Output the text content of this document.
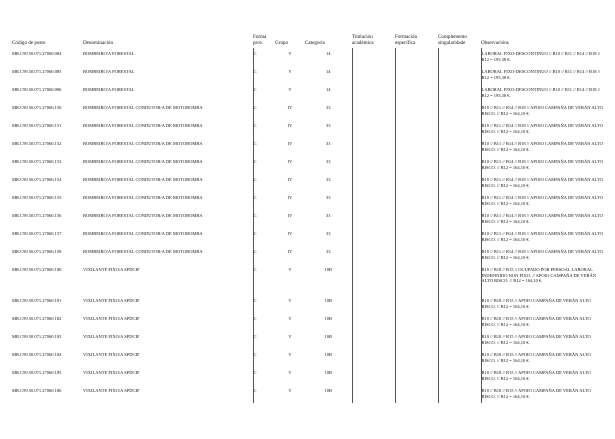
Código de posto	Denominación	Forma prov.	Grupo	Categoría	Titulación académica	Formación específica	Complemento singularidade	Observacións
MR.C99.50.071.27060.084	BOMBEIRO/A FORESTAL	C	V	14				LABORAL FIXO-DESCONTINUO // B10 // B11 // B14 // B18 // B12 = 195,38 €.
MR.C99.50.071.27060.085	BOMBEIRO/A FORESTAL	C	V	14				LABORAL FIXO-DESCONTINUO // B10 // B11 // B14 // B18 // B12 = 195,38 €.
MR.C99.50.071.27060.086	BOMBEIRO/A FORESTAL	C	V	14				LABORAL FIXO-DESCONTINUO // B10 // B11 // B14 // B18 // B12 = 195,38 €.
MR.C99.50.071.27060.150	BOMBEIRO/A FORESTAL CONDUTOR/A DE MOTOBOMBA	C	IV	33				B10 // B11 // B14 // B18 // APOIO CAMPAÑA DE VERÁN ALTO RISCO. // B12 = 164,10 €.
MR.C99.50.071.27060.151	BOMBEIRO/A FORESTAL CONDUTOR/A DE MOTOBOMBA	C	IV	33				B10 // B11 // B14 // B18 // APOIO CAMPAÑA DE VERÁN ALTO RISCO. // B12 = 164,10 €.
MR.C99.50.071.27060.152	BOMBEIRO/A FORESTAL CONDUTOR/A DE MOTOBOMBA	C	IV	33				B10 // B11 // B14 // B18 // APOIO CAMPAÑA DE VERÁN ALTO RISCO. // B12 = 164,10 €.
MR.C99.50.071.27060.153	BOMBEIRO/A FORESTAL CONDUTOR/A DE MOTOBOMBA	C	IV	33				B10 // B11 // B14 // B18 // APOIO CAMPAÑA DE VERÁN ALTO RISCO. // B12 = 164,10 €.
MR.C99.50.071.27060.154	BOMBEIRO/A FORESTAL CONDUTOR/A DE MOTOBOMBA	C	IV	33				B10 // B11 // B14 // B18 // APOIO CAMPAÑA DE VERÁN ALTO RISCO. // B12 = 164,10 €.
MR.C99.50.071.27060.155	BOMBEIRO/A FORESTAL CONDUTOR/A DE MOTOBOMBA	C	IV	33				B10 // B11 // B14 // B18 // APOIO CAMPAÑA DE VERÁN ALTO RISCO. // B12 = 164,10 €.
MR.C99.50.071.27060.156	BOMBEIRO/A FORESTAL CONDUTOR/A DE MOTOBOMBA	C	IV	33				B10 // B11 // B14 // B18 // APOIO CAMPAÑA DE VERÁN ALTO RISCO. // B12 = 164,10 €.
MR.C99.50.071.27060.157	BOMBEIRO/A FORESTAL CONDUTOR/A DE MOTOBOMBA	C	IV	33				B10 // B11 // B14 // B18 // APOIO CAMPAÑA DE VERÁN ALTO RISCO. // B12 = 164,10 €.
MR.C99.50.071.27060.158	BOMBEIRO/A FORESTAL CONDUTOR/A DE MOTOBOMBA	C	IV	33				B10 // B11 // B14 // B18 // APOIO CAMPAÑA DE VERÁN ALTO RISCO. // B12 = 164,10 €.
MR.C99.50.071.27060.180	VIXILANTE FIXO/A SPDCIF	C	V	10B				B10 // B18 // B15 // OCUPADO POR PERSOAL LABORAL INDEFINIDO NON FIXO. // APOIO CAMPAÑA DE VERÁN ALTO RISCO. // B12 = 164,10 €.
MR.C99.50.071.27060.181	VIXILANTE FIXO/A SPDCIF	C	V	10B				B10 // B18 // B15 // APOIO CAMPAÑA DE VERÁN ALTO RISCO. // B12 = 164,10 €.
MR.C99.50.071.27060.182	VIXILANTE FIXO/A SPDCIF	C	V	10B				B10 // B18 // B15 // APOIO CAMPAÑA DE VERÁN ALTO RISCO. // B12 = 164,10 €.
MR.C99.50.071.27060.183	VIXILANTE FIXO/A SPDCIF	C	V	10B				B10 // B18 // B15 // APOIO CAMPAÑA DE VERÁN ALTO RISCO. // B12 = 164,10 €.
MR.C99.50.071.27060.184	VIXILANTE FIXO/A SPDCIF	C	V	10B				B10 // B18 // B15 // APOIO CAMPAÑA DE VERÁN ALTO RISCO. // B12 = 164,10 €.
MR.C99.50.071.27060.185	VIXILANTE FIXO/A SPDCIF	C	V	10B				B10 // B18 // B15 // APOIO CAMPAÑA DE VERÁN ALTO RISCO. // B12 = 164,10 €.
MR.C99.50.071.27060.186	VIXILANTE FIXO/A SPDCIF	C	V	10B				B10 // B18 // B15 // APOIO CAMPAÑA DE VERÁN ALTO RISCO. // B12 = 164,10 €.
